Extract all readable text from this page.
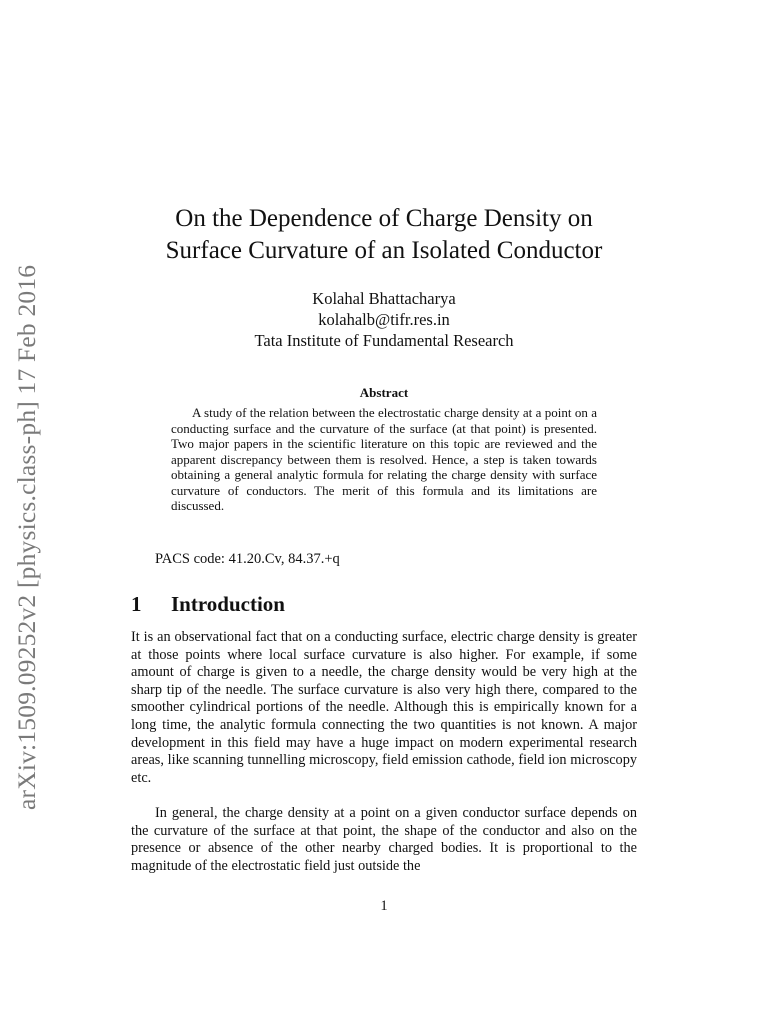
arXiv:1509.09252v2 [physics.class-ph] 17 Feb 2016
On the Dependence of Charge Density on
Surface Curvature of an Isolated Conductor
Kolahal Bhattacharya
kolahalb@tifr.res.in
Tata Institute of Fundamental Research
Abstract
A study of the relation between the electrostatic charge density at a point on a conducting surface and the curvature of the surface (at that point) is presented. Two major papers in the scientific literature on this topic are reviewed and the apparent discrepancy between them is resolved. Hence, a step is taken towards obtaining a general analytic formula for relating the charge density with surface curvature of conductors. The merit of this formula and its limitations are discussed.
PACS code: 41.20.Cv, 84.37.+q
1 Introduction
It is an observational fact that on a conducting surface, electric charge density is greater at those points where local surface curvature is also higher. For example, if some amount of charge is given to a needle, the charge density would be very high at the sharp tip of the needle. The surface curvature is also very high there, compared to the smoother cylindrical portions of the needle. Although this is empirically known for a long time, the analytic formula connecting the two quantities is not known. A major development in this field may have a huge impact on modern experimental research areas, like scanning tunnelling microscopy, field emission cathode, field ion microscopy etc.
In general, the charge density at a point on a given conductor surface depends on the curvature of the surface at that point, the shape of the conductor and also on the presence or absence of the other nearby charged bodies. It is proportional to the magnitude of the electrostatic field just outside the
1
